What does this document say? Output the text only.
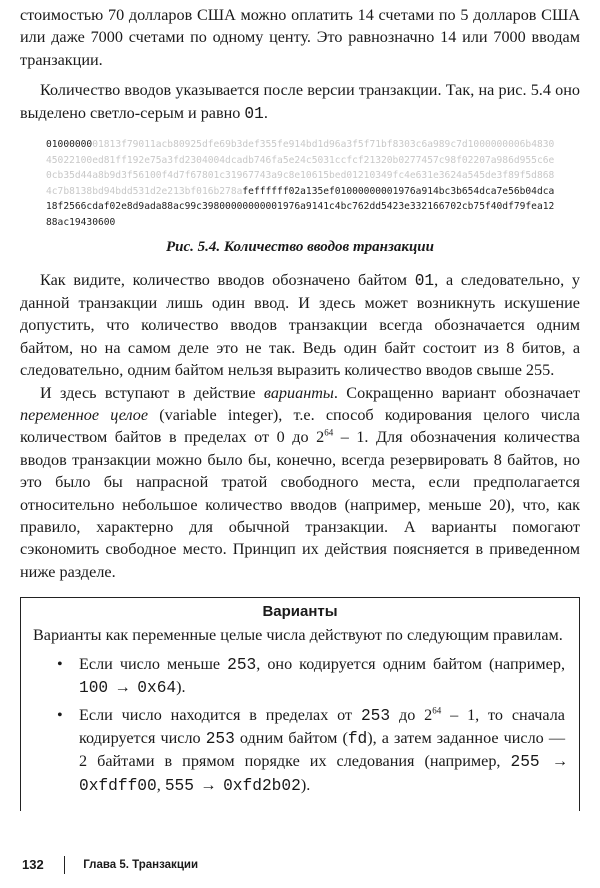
стоимостью 70 долларов США можно оплатить 14 счетами по 5 долларов США или даже 7000 счетами по одному центу. Это равнозначно 14 или 7000 вводам транзакции.

Количество вводов указывается после версии транзакции. Так, на рис. 5.4 оно выделено светло-серым и равно 01.

0100000001813f79011acb80925dfe69b3def355fe914bd1d96a3f5f71bf8303c6a989c7d1000000006b483045022100ed81ff192e75a3fd2304004dcadb746fa5e24c5031ccfcf21320b0277457c98f02207a986d955c6e0cb35d44a8b9d3f56100f4d7f67801c31967743a9c8e10615bed01210349fc4e631e3624a545de3f89f5d8684c7b8138bd94bdd531d2e213bf016b278afeffffff02a135ef01000000001976a914bc3b654dca7e56b04dca18f2566cdaf02e8d9ada88ac99c39800000000001976a9141c4bc762dd5423e332166702cb75f40df79fea1288ac19430600
Рис. 5.4. Количество вводов транзакции

Как видите, количество вводов обозначено байтом 01, а следовательно, у данной транзакции лишь один ввод. И здесь может возникнуть искушение допустить, что количество вводов транзакции всегда обозначается одним байтом, но на самом деле это не так. Ведь один байт состоит из 8 битов, а следовательно, одним байтом нельзя выразить количество вводов свыше 255.

И здесь вступают в действие варианты. Сокращенно вариант обозначает переменное целое (variable integer), т.е. способ кодирования целого числа количеством байтов в пределах от 0 до $2^{64} - 1$. Для обозначения количества вводов транзакции можно было бы, конечно, всегда резервировать 8 байтов, но это было бы напрасной тратой свободного места, если предполагается относительно небольшое количество вводов (например, меньше 20), что, как правило, характерно для обычной транзакции. А варианты помогают сэкономить свободное место. Принцип их действия поясняется в приведенном ниже разделе.

Варианты

Варианты как переменные целые числа действуют по следующим правилам.

• Если число меньше 253, оно кодируется одним байтом (например, 100 → 0x64).
• Если число находится в пределах от 253 до $2^{64} - 1$, то сначала кодируется число 253 одним байтом (fd), а затем заданное число — 2 байтами в прямом порядке их следования (например, 255 → 0xfdff00, 555 → 0xfd2b02).
132	Глава 5. Транзакции
